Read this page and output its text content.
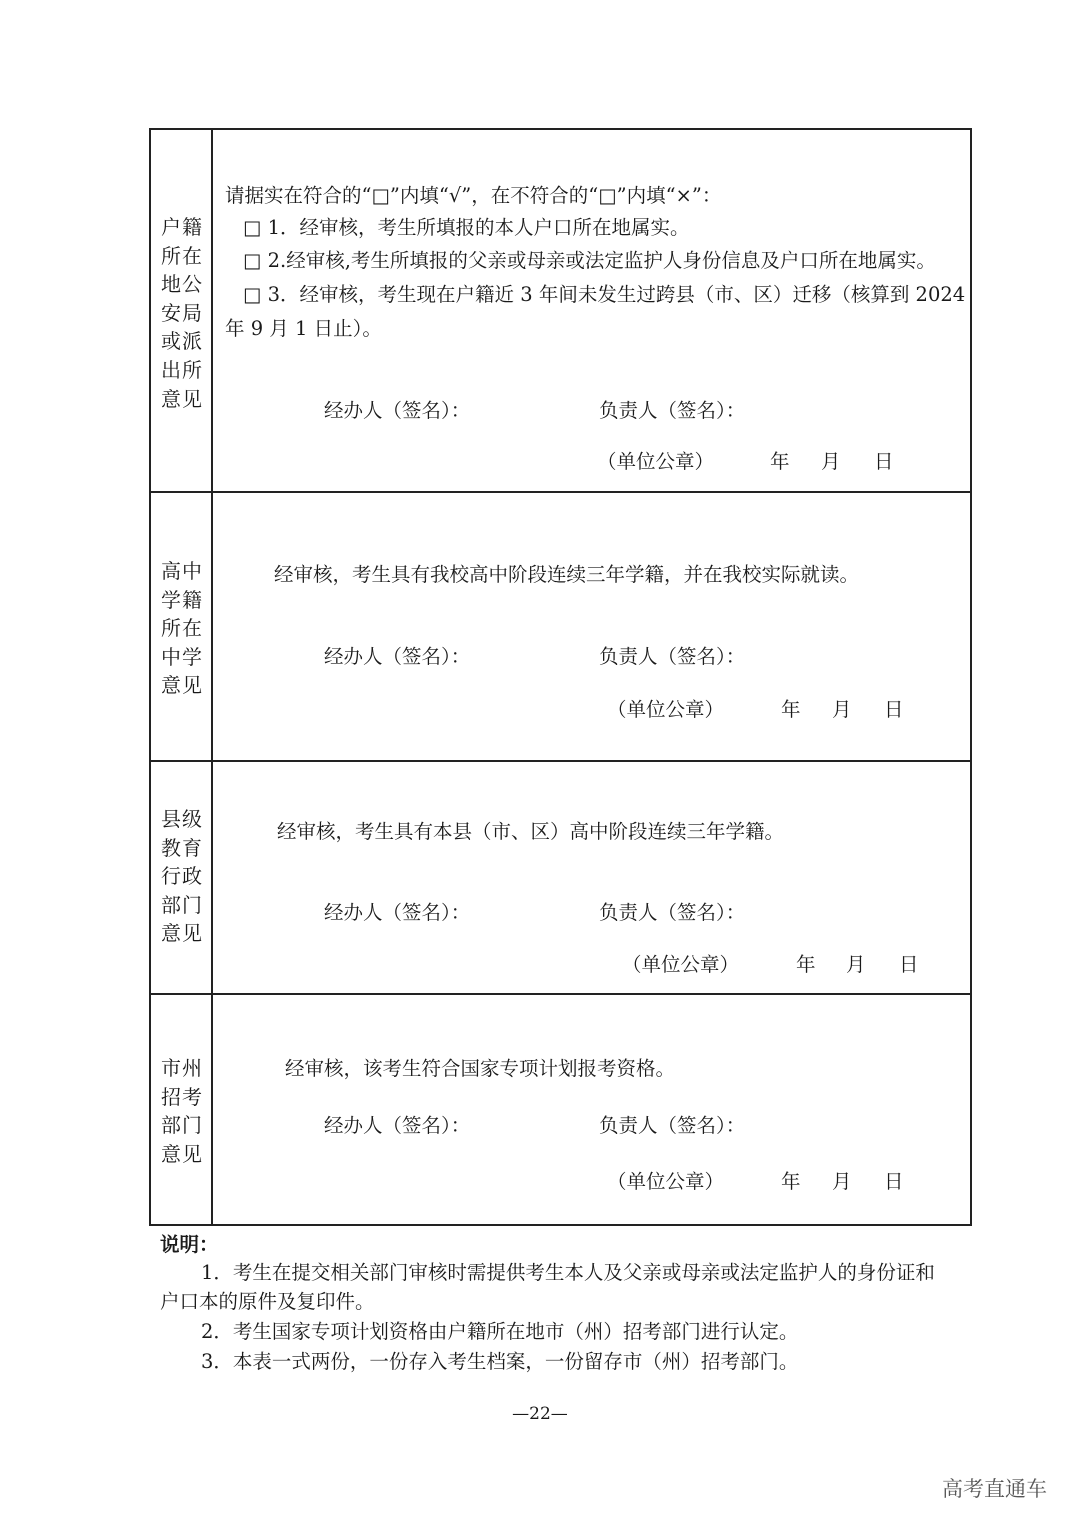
户籍
所在
地公
安局
或派
出所
意见
请据实在符合的“□”内填“√”，在不符合的“□”内填“×”：
□ 1．经审核，考生所填报的本人户口所在地属实。
□ 2.经审核,考生所填报的父亲或母亲或法定监护人身份信息及户口所在地属实。
□ 3．经审核，考生现在户籍近 3 年间未发生过跨县（市、区）迁移（核算到 2024
年 9 月 1 日止）。
经办人（签名）：	负责人（签名）：
（单位公章）	年 月 日
高中
学籍
所在
中学
意见
经审核，考生具有我校高中阶段连续三年学籍，并在我校实际就读。
经办人（签名）：	负责人（签名）：
（单位公章）	年 月 日
县级
教育
行政
部门
意见
经审核，考生具有本县（市、区）高中阶段连续三年学籍。
经办人（签名）：	负责人（签名）：
（单位公章）	年 月 日
市州
招考
部门
意见
经审核，该考生符合国家专项计划报考资格。
经办人（签名）：	负责人（签名）：
（单位公章）	年 月 日
说明：
1．考生在提交相关部门审核时需提供考生本人及父亲或母亲或法定监护人的身份证和
户口本的原件及复印件。
2．考生国家专项计划资格由户籍所在地市（州）招考部门进行认定。
3．本表一式两份，一份存入考生档案，一份留存市（州）招考部门。
—22—
高考直通车
